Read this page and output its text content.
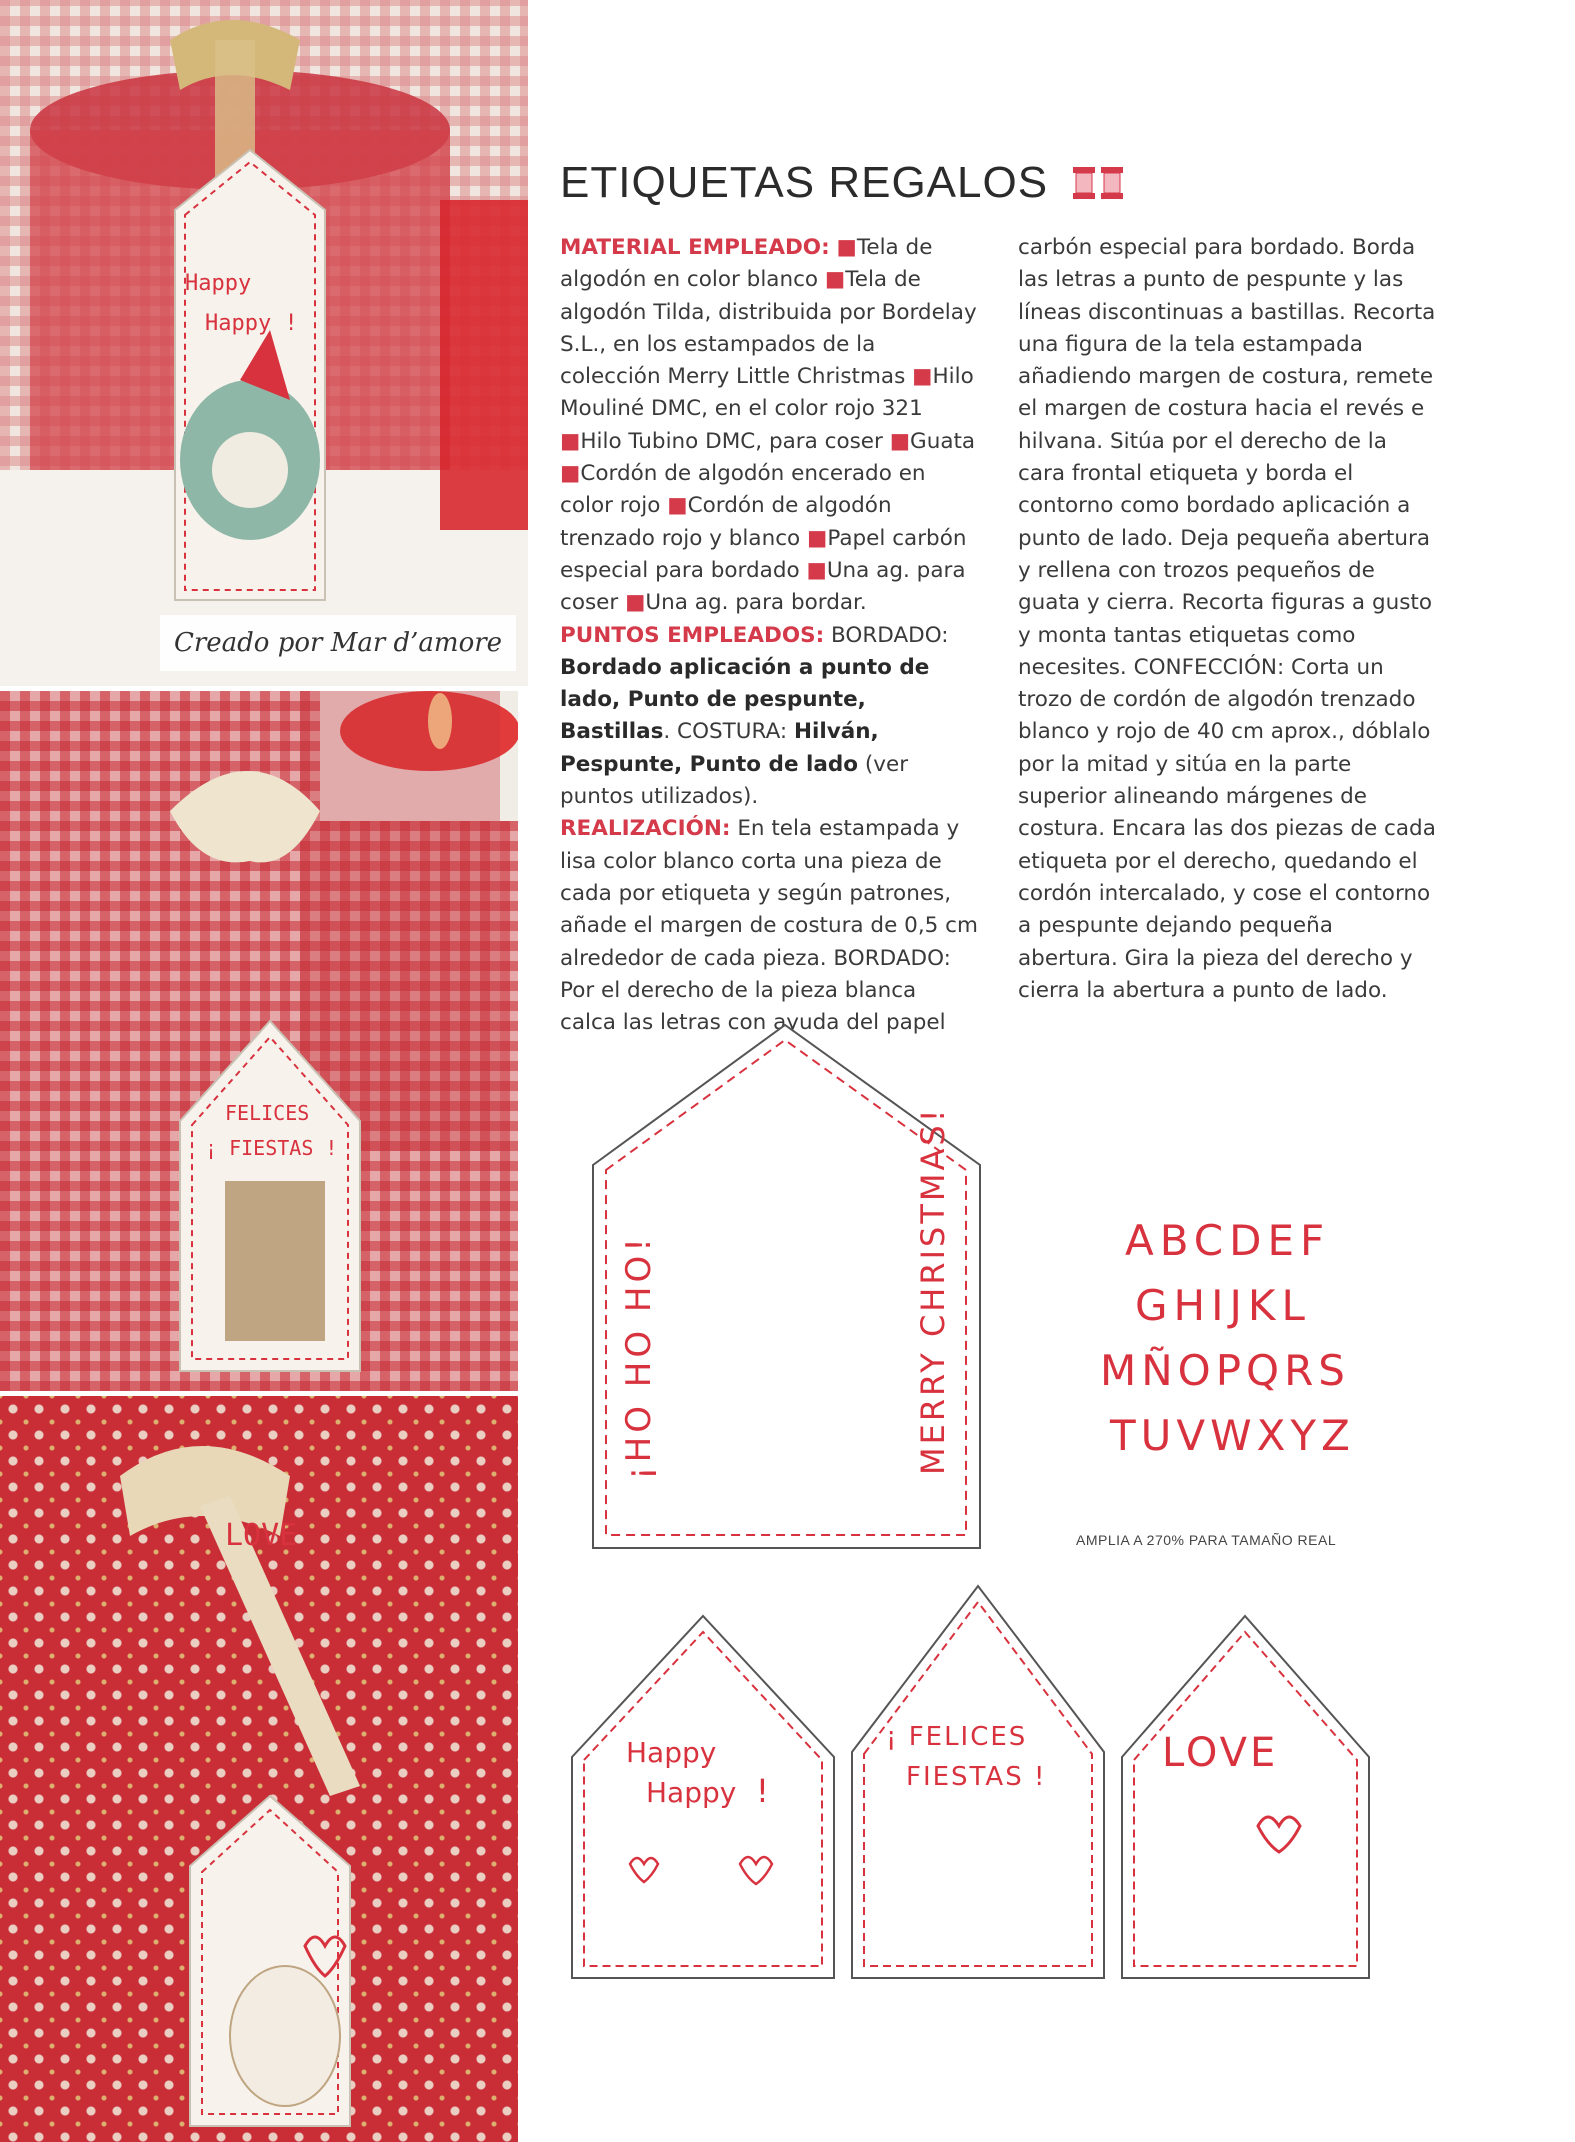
Creado por Mar d’amore
Happy
Happy !
FELICES
¡ FIESTAS !
LOVE
ETIQUETAS REGALOS
MATERIAL EMPLEADO: ■Tela de algodón en color blanco ■Tela de algodón Tilda, distribuida por Bordelay S.L., en los estampados de la colección Merry Little Christmas ■Hilo Mouliné DMC, en el color rojo 321 ■Hilo Tubino DMC, para coser ■Guata ■Cordón de algodón encerado en color rojo ■Cordón de algodón trenzado rojo y blanco ■Papel carbón especial para bordado ■Una ag. para coser ■Una ag. para bordar.
PUNTOS EMPLEADOS: BORDADO: Bordado aplicación a punto de lado, Punto de pespunte, Bastillas. COSTURA: Hilván, Pespunte, Punto de lado (ver puntos utilizados).
REALIZACIÓN: En tela estampada y lisa color blanco corta una pieza de cada por etiqueta y según patrones, añade el margen de costura de 0,5 cm alrededor de cada pieza. BORDADO: Por el derecho de la pieza blanca calca las letras con ayuda del papel
carbón especial para bordado. Borda las letras a punto de pespunte y las líneas discontinuas a bastillas. Recorta una figura de la tela estampada añadiendo margen de costura, remete el margen de costura hacia el revés e hilvana. Sitúa por el derecho de la cara frontal etiqueta y borda el contorno como bordado aplicación a punto de lado. Deja pequeña abertura y rellena con trozos pequeños de guata y cierra. Recorta figuras a gusto y monta tantas etiquetas como necesites. CONFECCIÓN: Corta un trozo de cordón de algodón trenzado blanco y rojo de 40 cm aprox., dóblalo por la mitad y sitúa en la parte superior alineando márgenes de costura. Encara las dos piezas de cada etiqueta por el derecho, quedando el cordón intercalado, y cose el contorno a pespunte dejando pequeña abertura. Gira la pieza del derecho y cierra la abertura a punto de lado.
¡HO HO HO!	MERRY CHRISTMAS!	ABCDEF
GHIJKL
MÑOPQRS
TUVWXYZ
AMPLIA A 270% PARA TAMAÑO REAL
Happy
Happy !
¡ FELICES
FIESTAS !
LOVE
